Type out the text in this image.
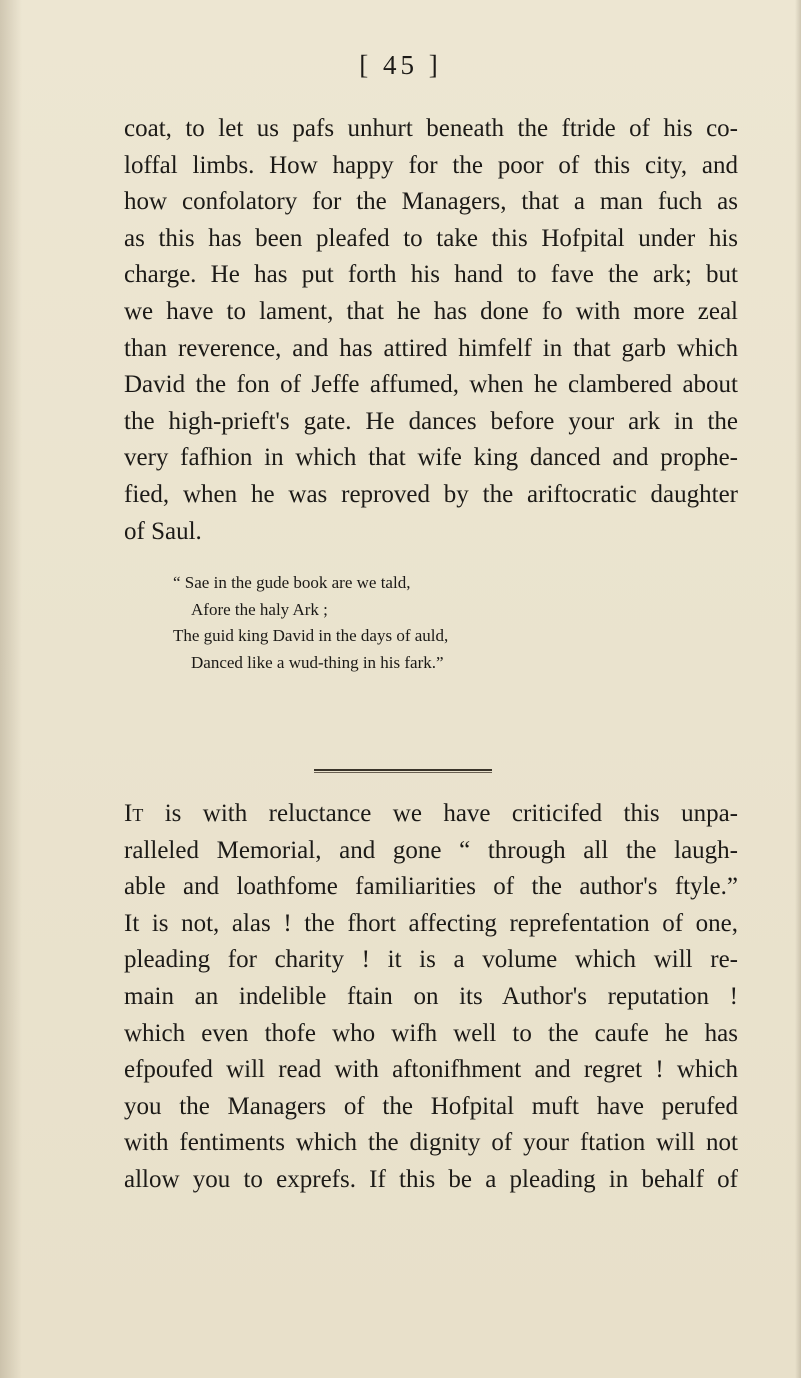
[ 45 ]
coat, to let us pafs unhurt beneath the ftride of his co-
loffal limbs. How happy for the poor of this city, and
how confolatory for the Managers, that a man fuch as
as this has been pleafed to take this Hofpital under his
charge. He has put forth his hand to fave the ark; but
we have to lament, that he has done fo with more zeal
than reverence, and has attired himfelf in that garb which
David the fon of Jeffe affumed, when he clambered about
the high-prieft's gate. He dances before your ark in the
very fafhion in which that wife king danced and prophe-
fied, when he was reproved by the ariftocratic daughter
of Saul.
“ Sae in the gude book are we tald,
Afore the haly Ark ;
The guid king David in the days of auld,
Danced like a wud-thing in his fark.”
It is with reluctance we have criticifed this unpa-
ralleled Memorial, and gone “ through all the laugh-
able and loathfome familiarities of the author's ftyle.”
It is not, alas ! the fhort affecting reprefentation of one,
pleading for charity ! it is a volume which will re-
main an indelible ftain on its Author's reputation !
which even thofe who wifh well to the caufe he has
efpoufed will read with aftonifhment and regret ! which
you the Managers of the Hofpital muft have perufed
with fentiments which the dignity of your ftation will not
allow you to exprefs. If this be a pleading in behalf of
